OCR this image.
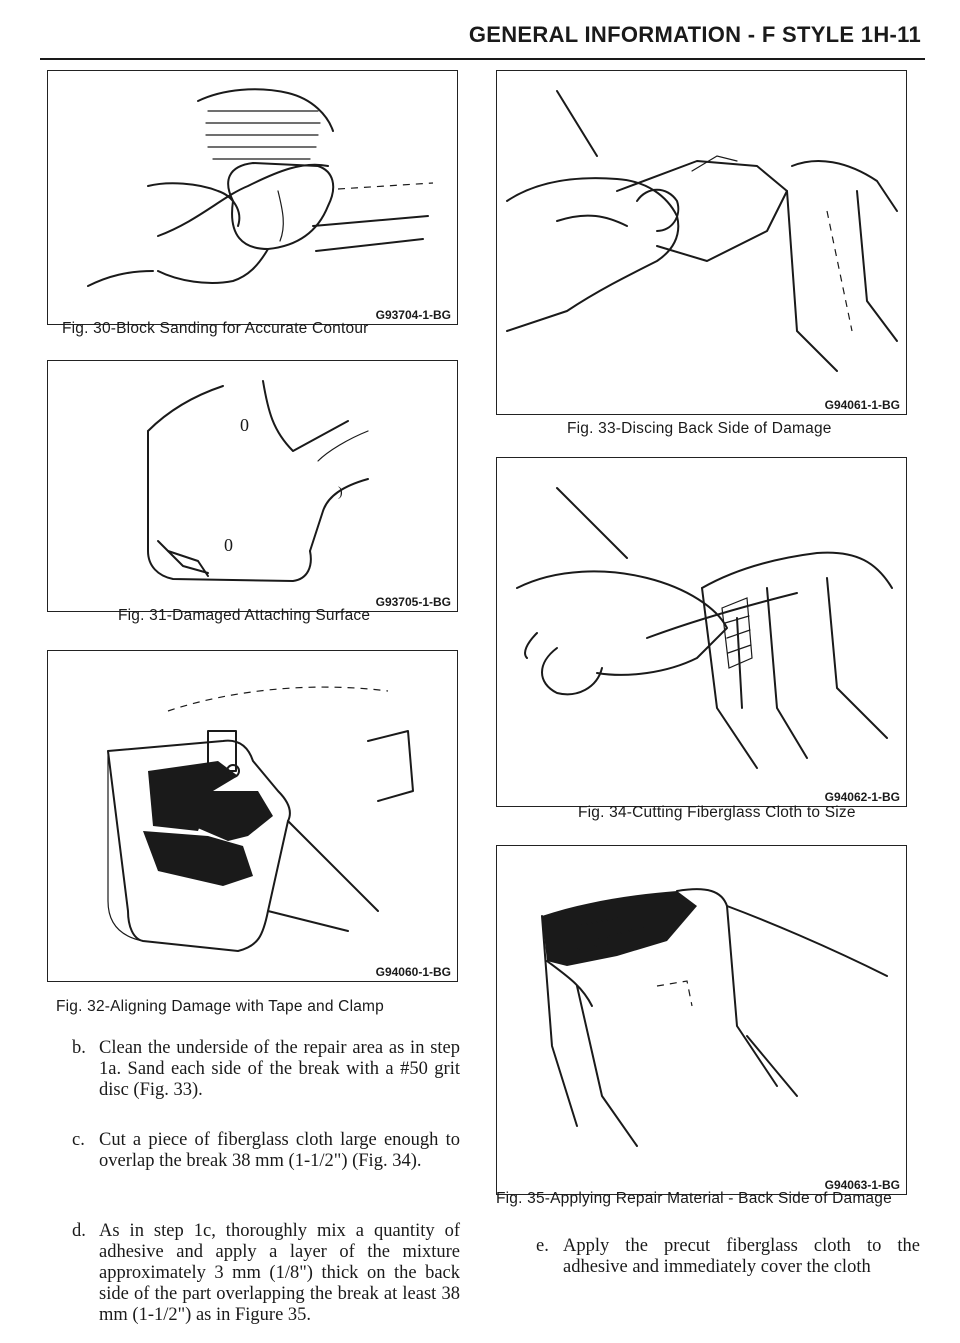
GENERAL INFORMATION - F STYLE 1H-11
G93704-1-BG
Fig. 30-Block Sanding for Accurate Contour
0
0
)
G93705-1-BG
Fig. 31-Damaged Attaching Surface
G94060-1-BG
Fig. 32-Aligning Damage with Tape and Clamp
G94061-1-BG
Fig. 33-Discing Back Side of Damage
G94062-1-BG
Fig. 34-Cutting Fiberglass Cloth to Size
G94063-1-BG
Fig. 35-Applying Repair Material - Back Side of Damage
b. Clean the underside of the repair area as in step 1a. Sand each side of the break with a #50 grit disc (Fig. 33).
c. Cut a piece of fiberglass cloth large enough to overlap the break 38 mm (1-1/2") (Fig. 34).
d. As in step 1c, thoroughly mix a quantity of adhesive and apply a layer of the mixture approximately 3 mm (1/8") thick on the back side of the part overlapping the break at least 38 mm (1-1/2") as in Figure 35.
e. Apply the precut fiberglass cloth to the adhesive and immediately cover the cloth
